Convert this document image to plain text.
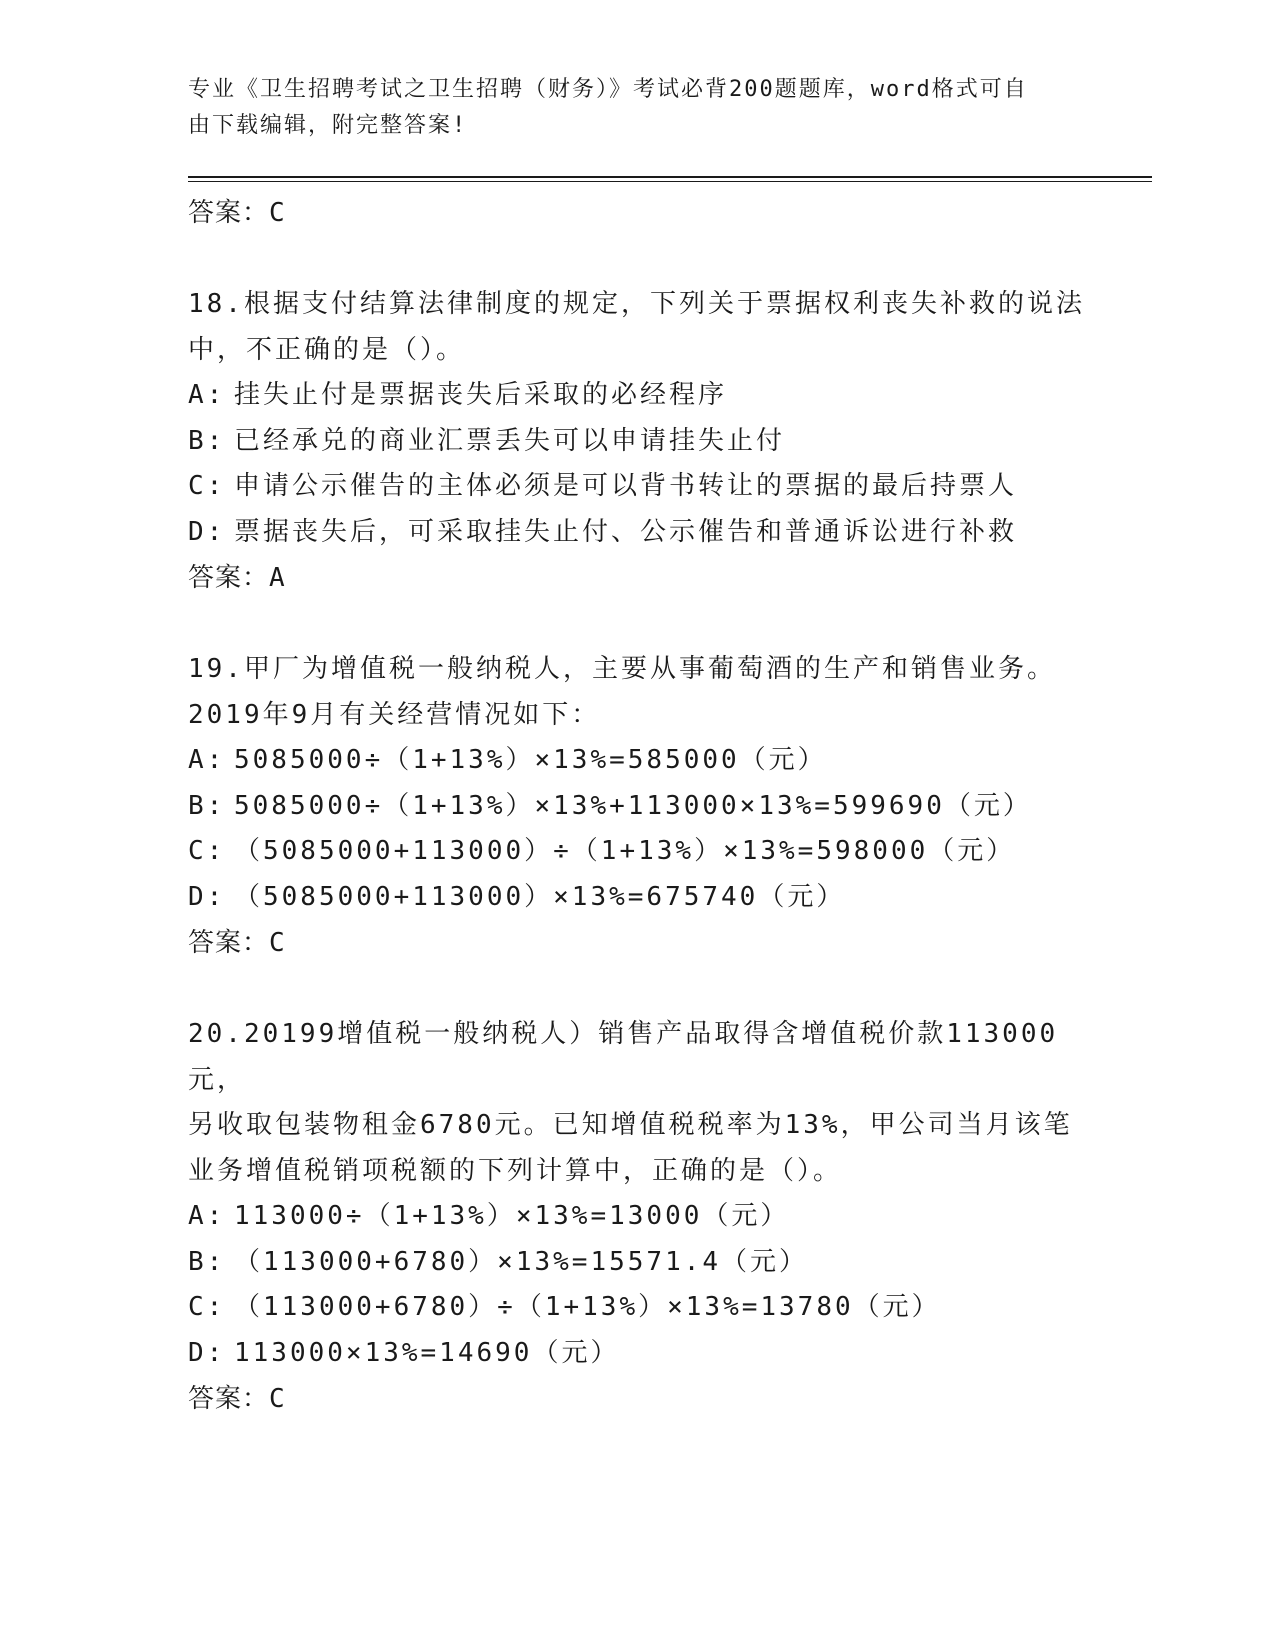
专业《卫生招聘考试之卫生招聘（财务）》考试必背200题题库，word格式可自
由下载编辑，附完整答案!
答案：C
18.根据支付结算法律制度的规定，下列关于票据权利丧失补救的说法
中，不正确的是（）。
A: 挂失止付是票据丧失后采取的必经程序
B: 已经承兑的商业汇票丢失可以申请挂失止付
C: 申请公示催告的主体必须是可以背书转让的票据的最后持票人
D: 票据丧失后，可采取挂失止付、公示催告和普通诉讼进行补救
答案：A
19.甲厂为增值税一般纳税人，主要从事葡萄酒的生产和销售业务。
2019年9月有关经营情况如下：
A: 5085000÷（1+13%）×13%=585000（元）
B: 5085000÷（1+13%）×13%+113000×13%=599690（元）
C: （5085000+113000）÷（1+13%）×13%=598000（元）
D: （5085000+113000）×13%=675740（元）
答案：C
20.20199增值税一般纳税人）销售产品取得含增值税价款113000元，
另收取包装物租金6780元。已知增值税税率为13%，甲公司当月该笔
业务增值税销项税额的下列计算中，正确的是（）。
A: 113000÷（1+13%）×13%=13000（元）
B: （113000+6780）×13%=15571.4（元）
C: （113000+6780）÷（1+13%）×13%=13780（元）
D: 113000×13%=14690（元）
答案：C
